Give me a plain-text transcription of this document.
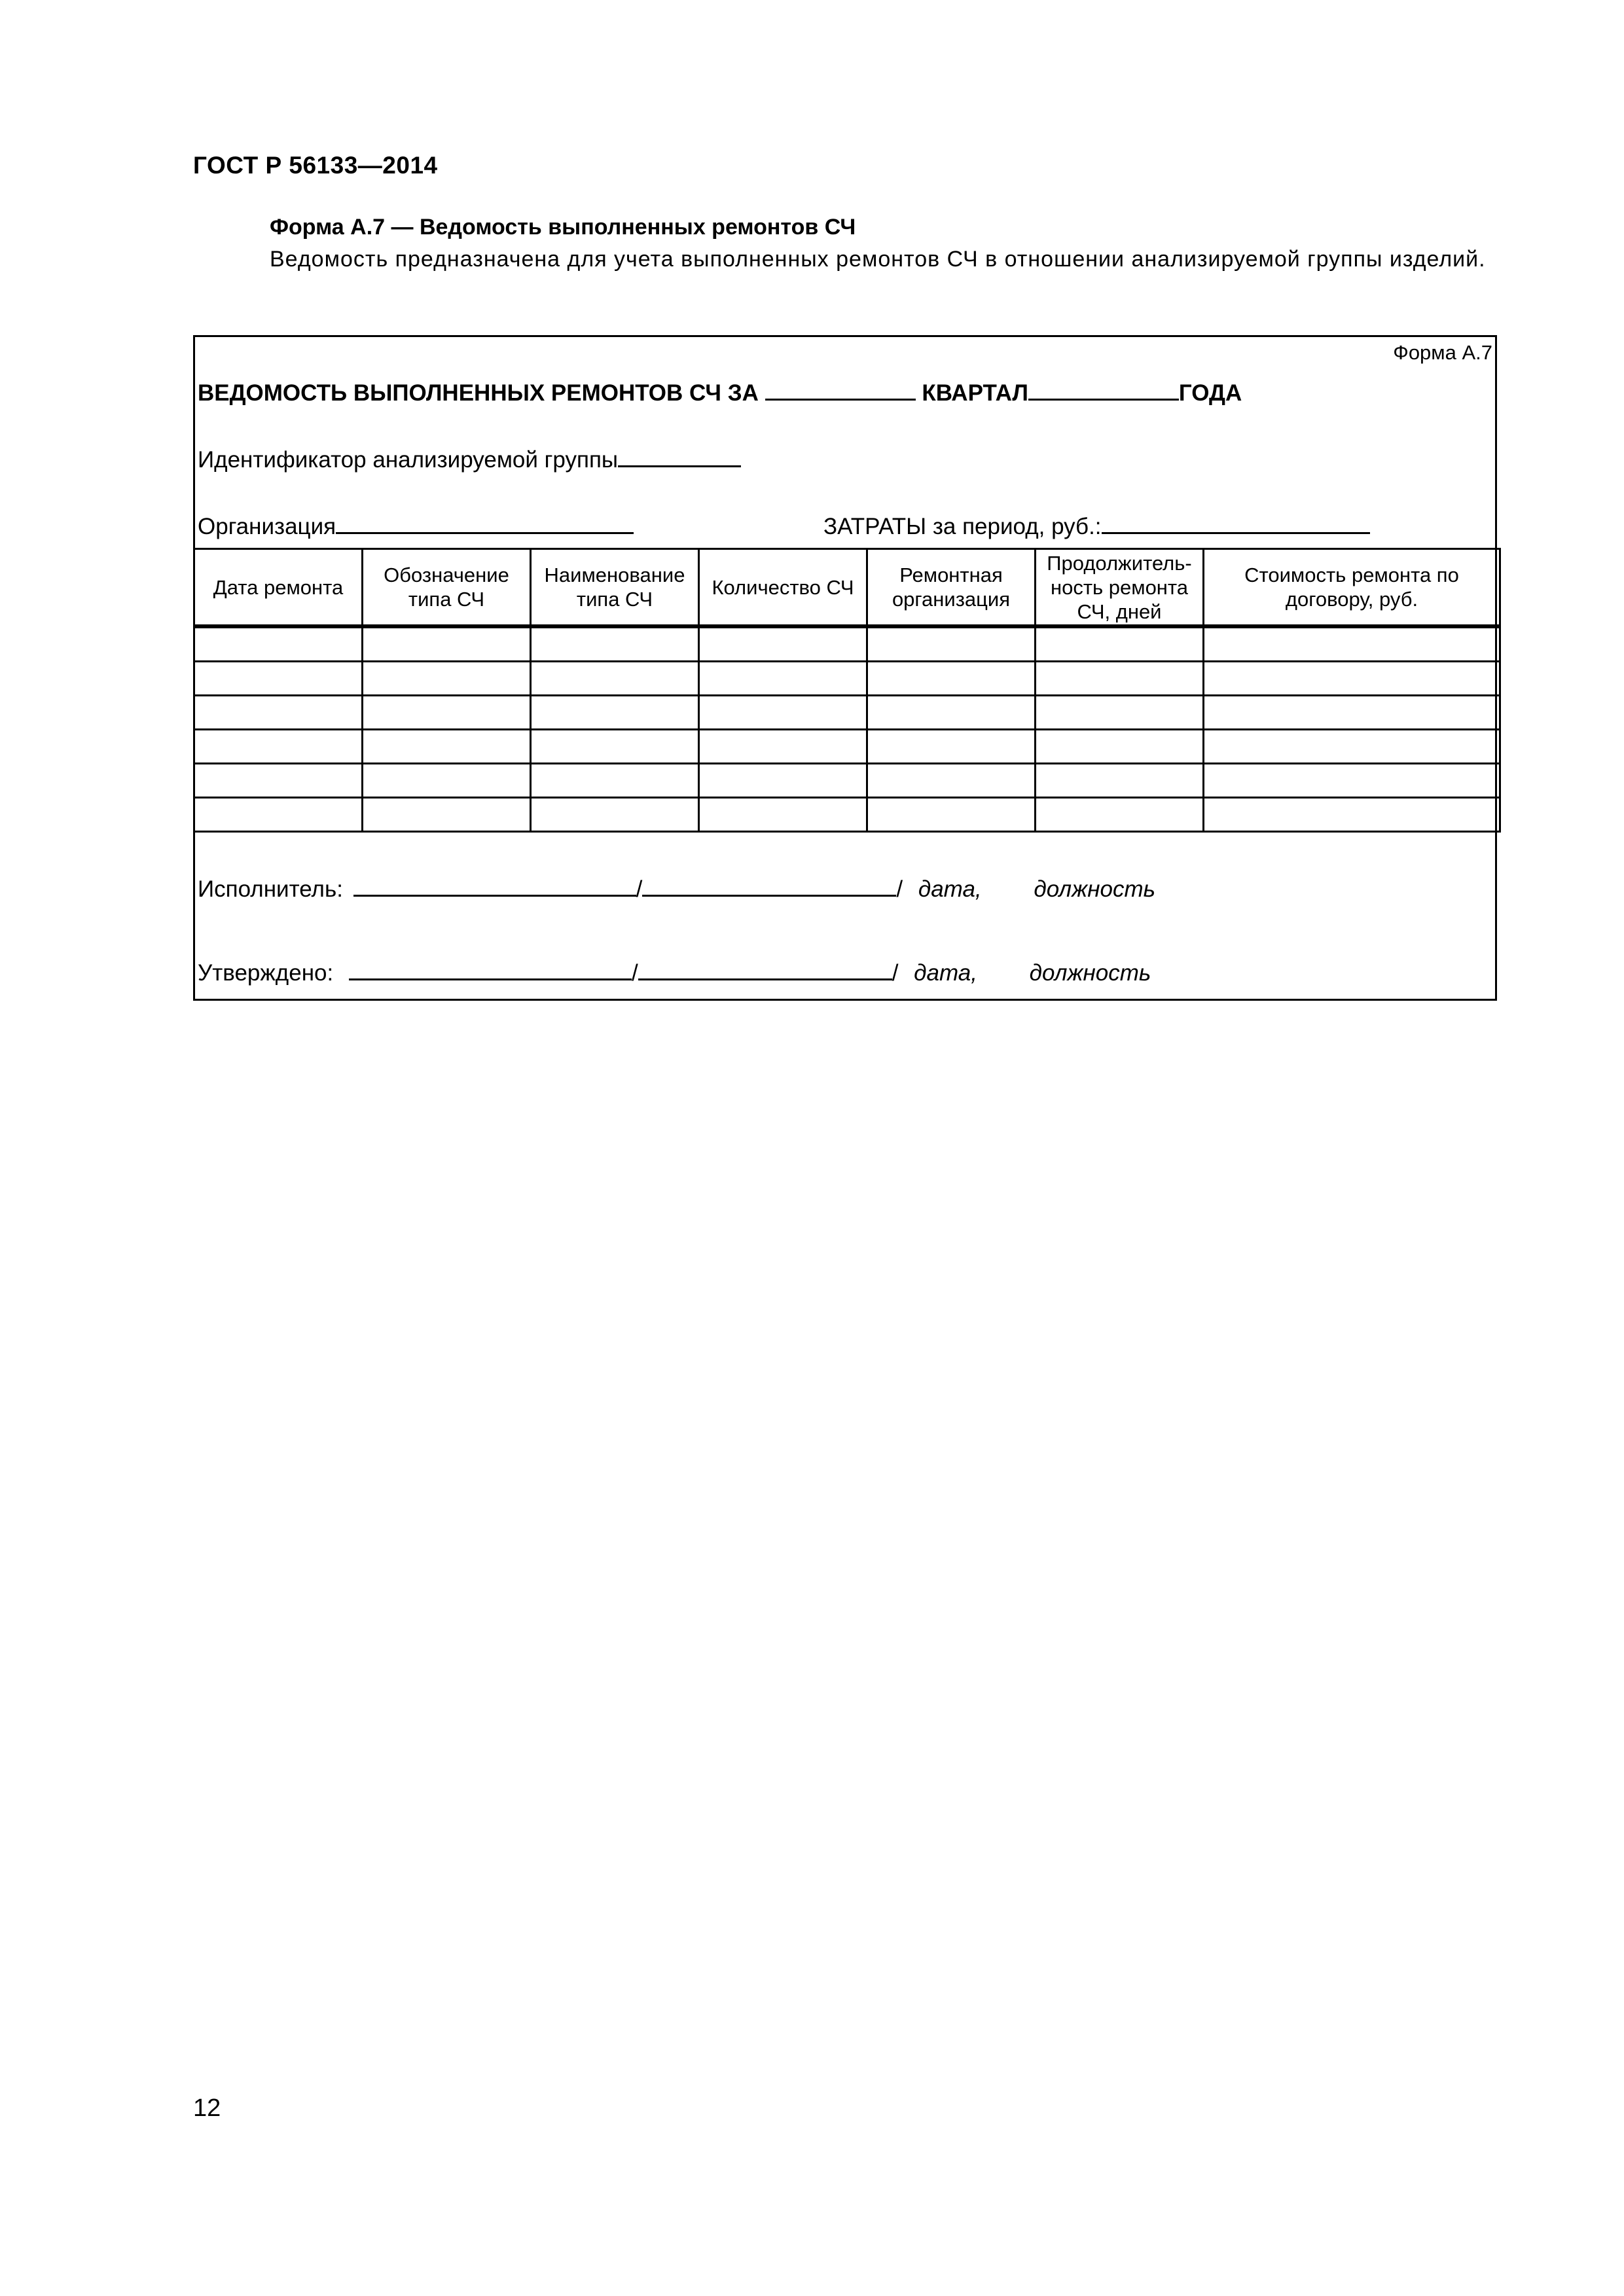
ГОСТ Р 56133—2014
Форма А.7 — Ведомость выполненных ремонтов СЧ
Ведомость предназначена для учета выполненных ремонтов СЧ в отношении анализируемой группы изделий.
Форма А.7
ВЕДОМОСТЬ ВЫПОЛНЕННЫХ РЕМОНТОВ СЧ ЗА	КВАРТАЛ	ГОДА
Идентификатор анализируемой группы
Организация	ЗАТРАТЫ за период, руб.:
Дата ремонта	Обозначение типа СЧ	Наименование типа СЧ	Количество СЧ	Ремонтная организация	Продолжительность ремонта СЧ, дней	Стоимость ремонта по договору, руб.

Исполнитель:	/	/ дата, должность
Утверждено:	/	/ дата, должность
12
